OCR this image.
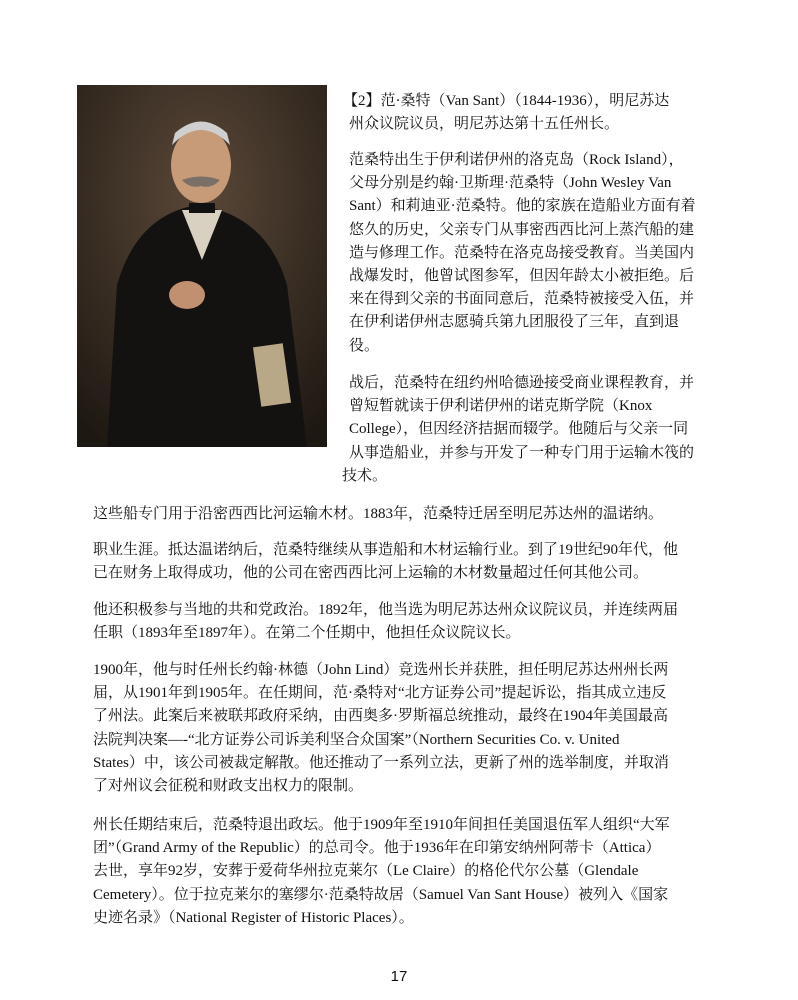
【2】范·桑特（Van Sant）（1844-1936），明尼苏达
州众议院议员，明尼苏达第十五任州长。
范桑特出生于伊利诺伊州的洛克岛（Rock Island），
父母分别是约翰·卫斯理·范桑特（John Wesley Van
Sant）和莉迪亚·范桑特。他的家族在造船业方面有着
悠久的历史，父亲专门从事密西西比河上蒸汽船的建
造与修理工作。范桑特在洛克岛接受教育。当美国内
战爆发时，他曾试图参军，但因年龄太小被拒绝。后
来在得到父亲的书面同意后，范桑特被接受入伍，并
在伊利诺伊州志愿骑兵第九团服役了三年，直到退
役。
战后，范桑特在纽约州哈德逊接受商业课程教育，并
曾短暂就读于伊利诺伊州的诺克斯学院（Knox
College），但因经济拮据而辍学。他随后与父亲一同
从事造船业，并参与开发了一种专门用于运输木筏的
技术。
这些船专门用于沿密西西比河运输木材。1883年，范桑特迁居至明尼苏达州的温诺纳。
职业生涯。抵达温诺纳后，范桑特继续从事造船和木材运输行业。到了19世纪90年代，他
已在财务上取得成功，他的公司在密西西比河上运输的木材数量超过任何其他公司。
他还积极参与当地的共和党政治。1892年，他当选为明尼苏达州众议院议员，并连续两届
任职（1893年至1897年）。在第二个任期中，他担任众议院议长。
1900年，他与时任州长约翰·林德（John Lind）竞选州长并获胜，担任明尼苏达州州长两
届，从1901年到1905年。在任期间，范·桑特对“北方证券公司”提起诉讼，指其成立违反
了州法。此案后来被联邦政府采纳，由西奥多·罗斯福总统推动，最终在1904年美国最高
法院判决案—-“北方证券公司诉美利坚合众国案”（Northern Securities Co. v. United
States）中，该公司被裁定解散。他还推动了一系列立法，更新了州的选举制度，并取消
了对州议会征税和财政支出权力的限制。
州长任期结束后，范桑特退出政坛。他于1909年至1910年间担任美国退伍军人组织“大军
团”（Grand Army of the Republic）的总司令。他于1936年在印第安纳州阿蒂卡（Attica）
去世，享年92岁，安葬于爱荷华州拉克莱尔（Le Claire）的格伦代尔公墓（Glendale
Cemetery）。位于拉克莱尔的塞缪尔·范桑特故居（Samuel Van Sant House）被列入《国家
史迹名录》（National Register of Historic Places）。
17
